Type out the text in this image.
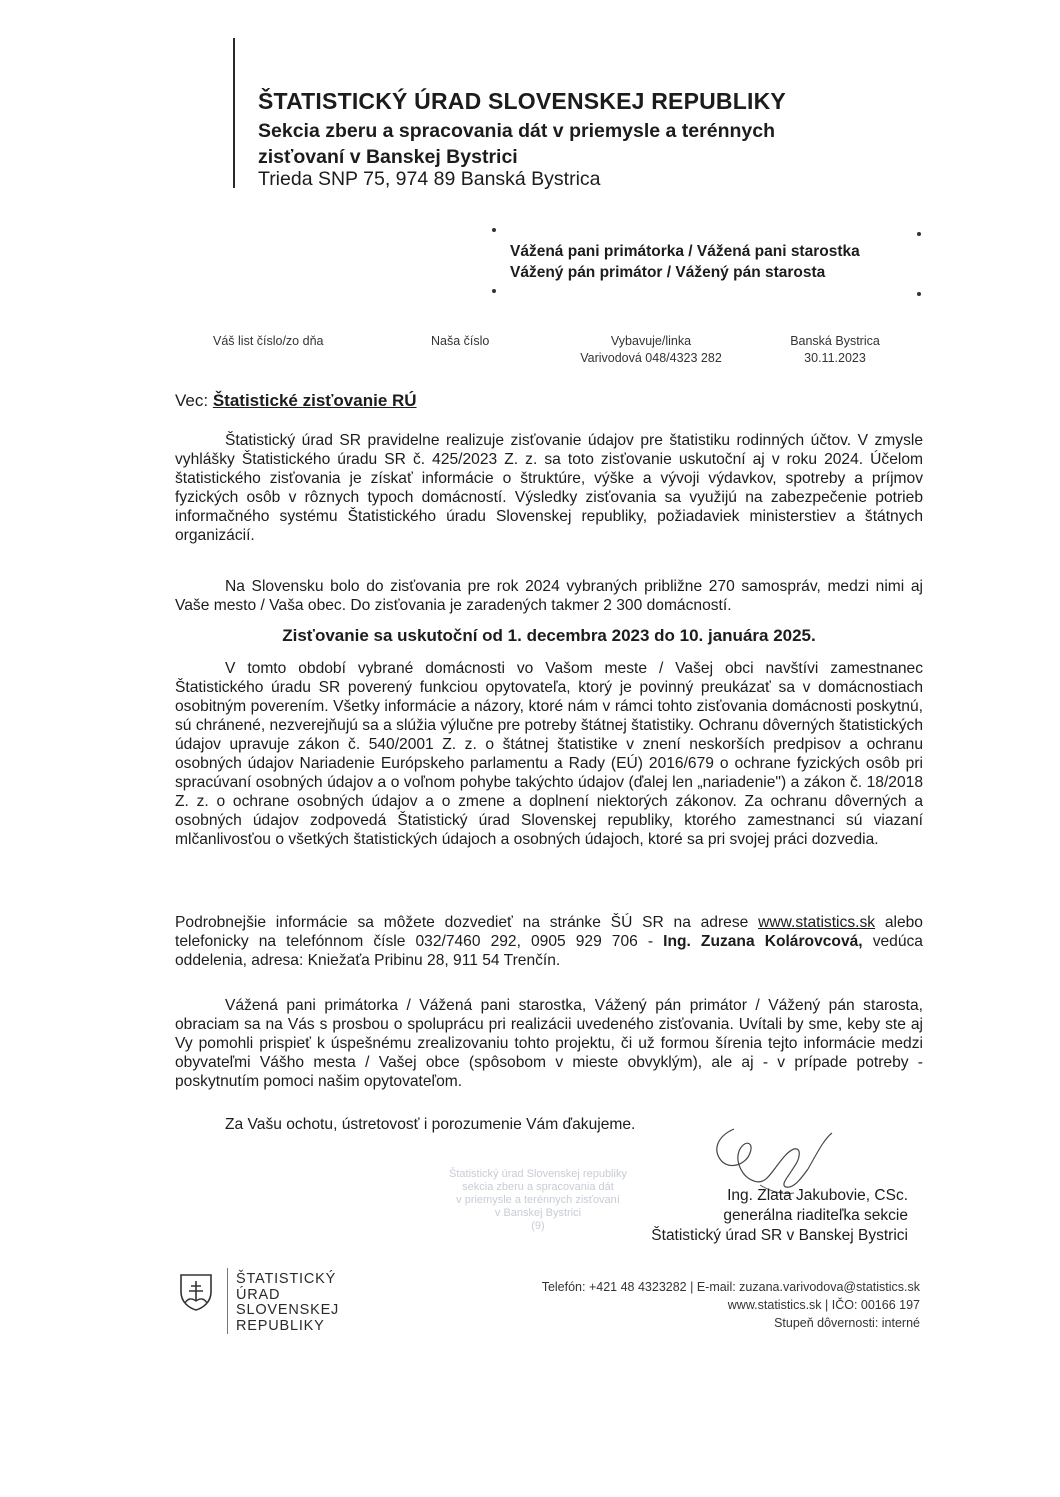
ŠTATISTICKÝ ÚRAD SLOVENSKEJ REPUBLIKY
Sekcia zberu a spracovania dát v priemysle a terénnych
zisťovaní v Banskej Bystrici
Trieda SNP 75, 974 89 Banská Bystrica
Vážená pani primátorka / Vážená pani starostka
Vážený pán primátor / Vážený pán starosta
Váš list číslo/zo dňa	Naša číslo	Vybavuje/linka
Varivodová 048/4323 282
Banská Bystrica
30.11.2023
Vec: Štatistické zisťovanie RÚ
Štatistický úrad SR pravidelne realizuje zisťovanie údajov pre štatistiku rodinných účtov. V zmysle vyhlášky Štatistického úradu SR č. 425/2023 Z. z. sa toto zisťovanie uskutoční aj v roku 2024. Účelom štatistického zisťovania je získať informácie o štruktúre, výške a vývoji výdavkov, spotreby a príjmov fyzických osôb v rôznych typoch domácností. Výsledky zisťovania sa využijú na zabezpečenie potrieb informačného systému Štatistického úradu Slovenskej republiky, požiadaviek ministerstiev a štátnych organizácií.
Na Slovensku bolo do zisťovania pre rok 2024 vybraných približne 270 samospráv, medzi nimi aj Vaše mesto / Vaša obec. Do zisťovania je zaradených takmer 2 300 domácností.
Zisťovanie sa uskutoční od 1. decembra 2023 do 10. januára 2025.
V tomto období vybrané domácnosti vo Vašom meste / Vašej obci navštívi zamestnanec Štatistického úradu SR poverený funkciou opytovateľa, ktorý je povinný preukázať sa v domácnostiach osobitným poverením. Všetky informácie a názory, ktoré nám v rámci tohto zisťovania domácnosti poskytnú, sú chránené, nezverejňujú sa a slúžia výlučne pre potreby štátnej štatistiky. Ochranu dôverných štatistických údajov upravuje zákon č. 540/2001 Z. z. o štátnej štatistike v znení neskorších predpisov a ochranu osobných údajov Nariadenie Európskeho parlamentu a Rady (EÚ) 2016/679 o ochrane fyzických osôb pri spracúvaní osobných údajov a o voľnom pohybe takýchto údajov (ďalej len „nariadenie") a zákon č. 18/2018 Z. z. o ochrane osobných údajov a o zmene a doplnení niektorých zákonov. Za ochranu dôverných a osobných údajov zodpovedá Štatistický úrad Slovenskej republiky, ktorého zamestnanci sú viazaní mlčanlivosťou o všetkých štatistických údajoch a osobných údajoch, ktoré sa pri svojej práci dozvedia.
Podrobnejšie informácie sa môžete dozvedieť na stránke ŠÚ SR na adrese www.statistics.sk alebo telefonicky na telefónnom čísle 032/7460 292, 0905 929 706 - Ing. Zuzana Kolárovcová, vedúca oddelenia, adresa: Kniežaťa Pribinu 28, 911 54 Trenčín.
Vážená pani primátorka / Vážená pani starostka, Vážený pán primátor / Vážený pán starosta, obraciam sa na Vás s prosbou o spoluprácu pri realizácii uvedeného zisťovania. Uvítali by sme, keby ste aj Vy pomohli prispieť k úspešnému zrealizovaniu tohto projektu, či už formou šírenia tejto informácie medzi obyvateľmi Vášho mesta / Vašej obce (spôsobom v mieste obvyklým), ale aj - v prípade potreby - poskytnutím pomoci našim opytovateľom.
Za Vašu ochotu, ústretovosť i porozumenie Vám ďakujeme.
Štatistický úrad Slovenskej republiky
sekcia zberu a spracovania dát
v priemysle a terénnych zisťovaní
v Banskej Bystrici
(9)
Ing. Zlata Jakubovie, CSc.
generálna riaditeľka sekcie
Štatistický úrad SR v Banskej Bystrici
ŠTATISTICKÝ
ÚRAD
SLOVENSKEJ
REPUBLIKY
Telefón: +421 48 4323282 | E-mail: zuzana.varivodova@statistics.sk
www.statistics.sk | IČO: 00166 197
Stupeň dôvernosti: interné
